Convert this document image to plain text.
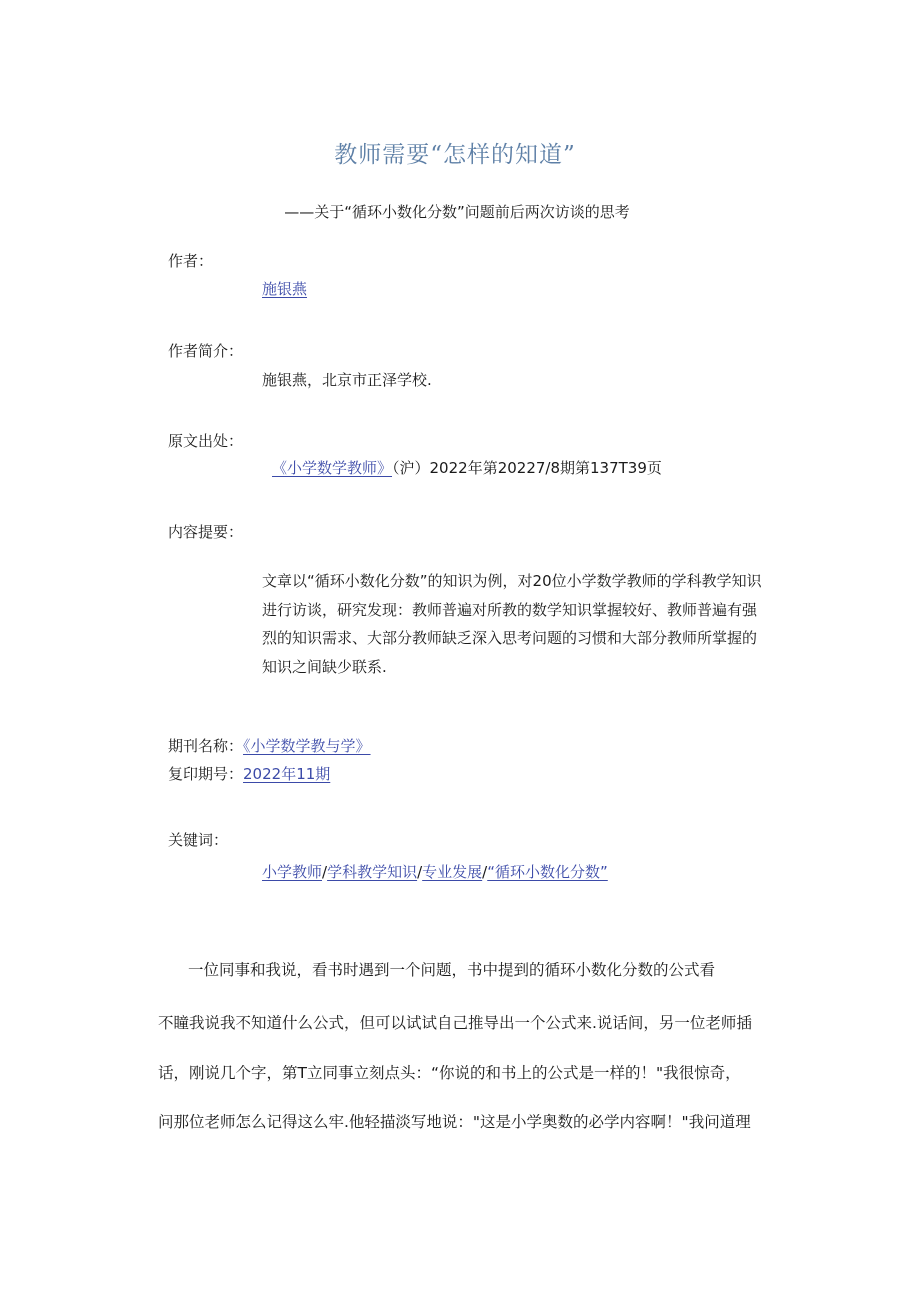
教师需要“怎样的知道”
——关于“循环小数化分数”问题前后两次访谈的思考
作者：
施银燕
作者简介：
施银燕，北京市正泽学校.
原文出处：
《小学数学教师》（沪）2022年第20227/8期第137T39页
内容提要：
文章以“循环小数化分数”的知识为例，对20位小学数学教师的学科教学知识进行访谈，研究发现：教师普遍对所教的数学知识掌握较好、教师普遍有强烈的知识需求、大部分教师缺乏深入思考问题的习惯和大部分教师所掌握的知识之间缺少联系.
期刊名称：《小学数学教与学》
复印期号：2022年11期
关键词：
小学教师/学科教学知识/专业发展/“循环小数化分数”
一位同事和我说，看书时遇到一个问题，书中提到的循环小数化分数的公式看
不瞳我说我不知道什么公式，但可以试试自己推导出一个公式来.说话间，另一位老师插
话，刚说几个字，第T立同事立刻点头：“你说的和书上的公式是一样的！"我很惊奇，
问那位老师怎么记得这么牢.他轻描淡写地说："这是小学奥数的必学内容啊！"我问道理
